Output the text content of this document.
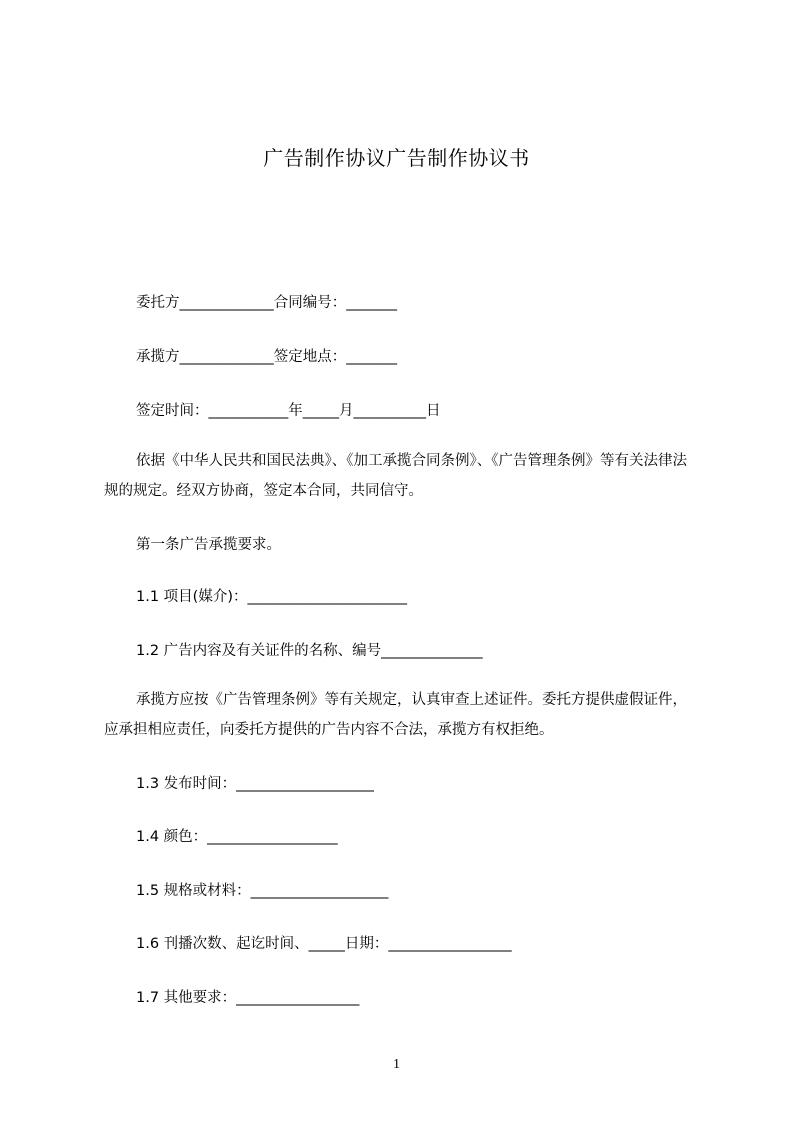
广告制作协议广告制作协议书
委托方_____________合同编号：_______
承揽方_____________签定地点：_______
签定时间：___________年_____月__________日
依据《中华人民共和国民法典》、《加工承揽合同条例》、《广告管理条例》等有关法律法规的规定。经双方协商，签定本合同，共同信守。
第一条广告承揽要求。
1.1 项目(媒介)：______________________
1.2 广告内容及有关证件的名称、编号______________
承揽方应按《广告管理条例》等有关规定，认真审查上述证件。委托方提供虚假证件，应承担相应责任，向委托方提供的广告内容不合法，承揽方有权拒绝。
1.3 发布时间：___________________
1.4 颜色：__________________
1.5 规格或材料：___________________
1.6 刊播次数、起讫时间、_____日期：_________________
1.7 其他要求：_________________
1
